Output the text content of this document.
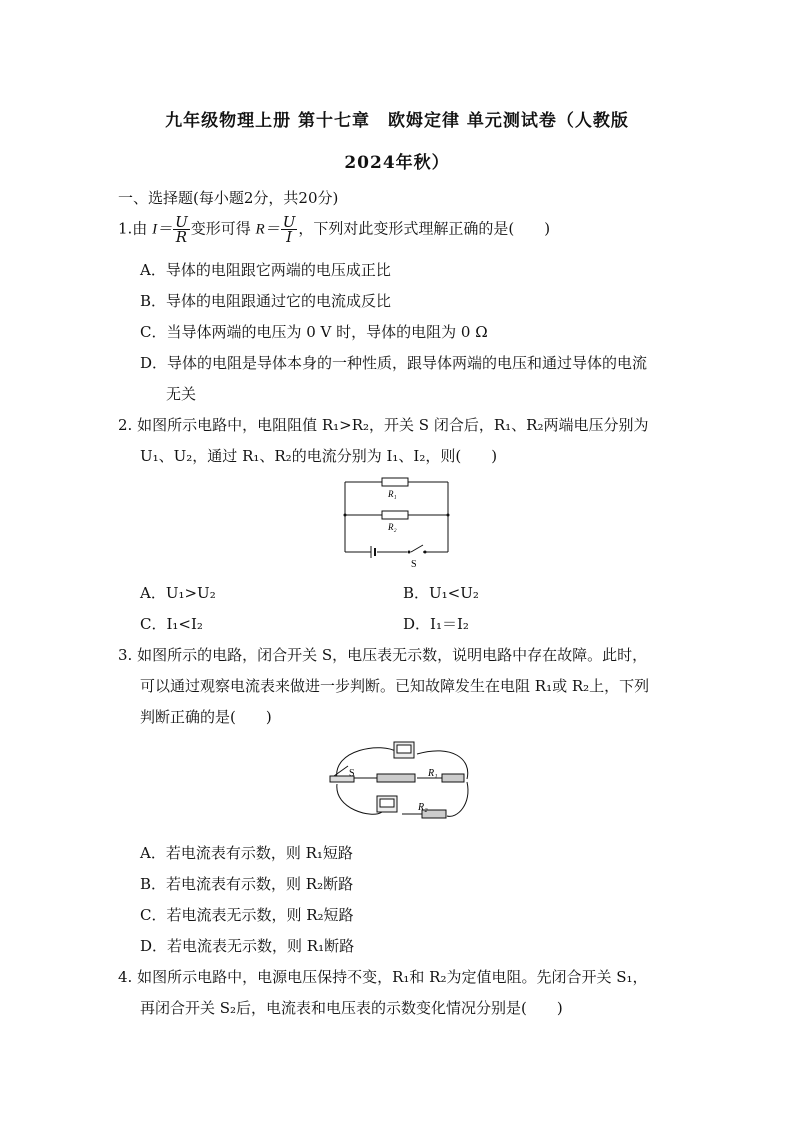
九年级物理上册 第十七章　欧姆定律 单元测试卷（人教版
2024年秋）
一、选择题(每小题2分，共20分)
1.由 $I= \frac{U}{R}$ 变形可得 $R= \frac{U}{I}$ ，下列对此变形式理解正确的是(　　)
A．导体的电阻跟它两端的电压成正比
B．导体的电阻跟通过它的电流成反比
C．当导体两端的电压为 0 V 时，导体的电阻为 0 Ω
D．导体的电阻是导体本身的一种性质，跟导体两端的电压和通过导体的电流
无关
2. 如图所示电路中，电阻阻值 R₁>R₂，开关 S 闭合后，R₁、R₂两端电压分别为
U₁、U₂，通过 R₁、R₂的电流分别为 I₁、I₂，则(　　)
R₁
R₂
S
A．U₁>U₂	B．U₁<U₂
C．I₁<I₂	D．I₁＝I₂
3. 如图所示的电路，闭合开关 S，电压表无示数，说明电路中存在故障。此时，
可以通过观察电流表来做进一步判断。已知故障发生在电阻 R₁或 R₂上，下列
判断正确的是(　　)
S	R₁
R₂
A．若电流表有示数，则 R₁短路
B．若电流表有示数，则 R₂断路
C．若电流表无示数，则 R₂短路
D．若电流表无示数，则 R₁断路
4. 如图所示电路中，电源电压保持不变，R₁和 R₂为定值电阻。先闭合开关 S₁，
再闭合开关 S₂后，电流表和电压表的示数变化情况分别是(　　)
